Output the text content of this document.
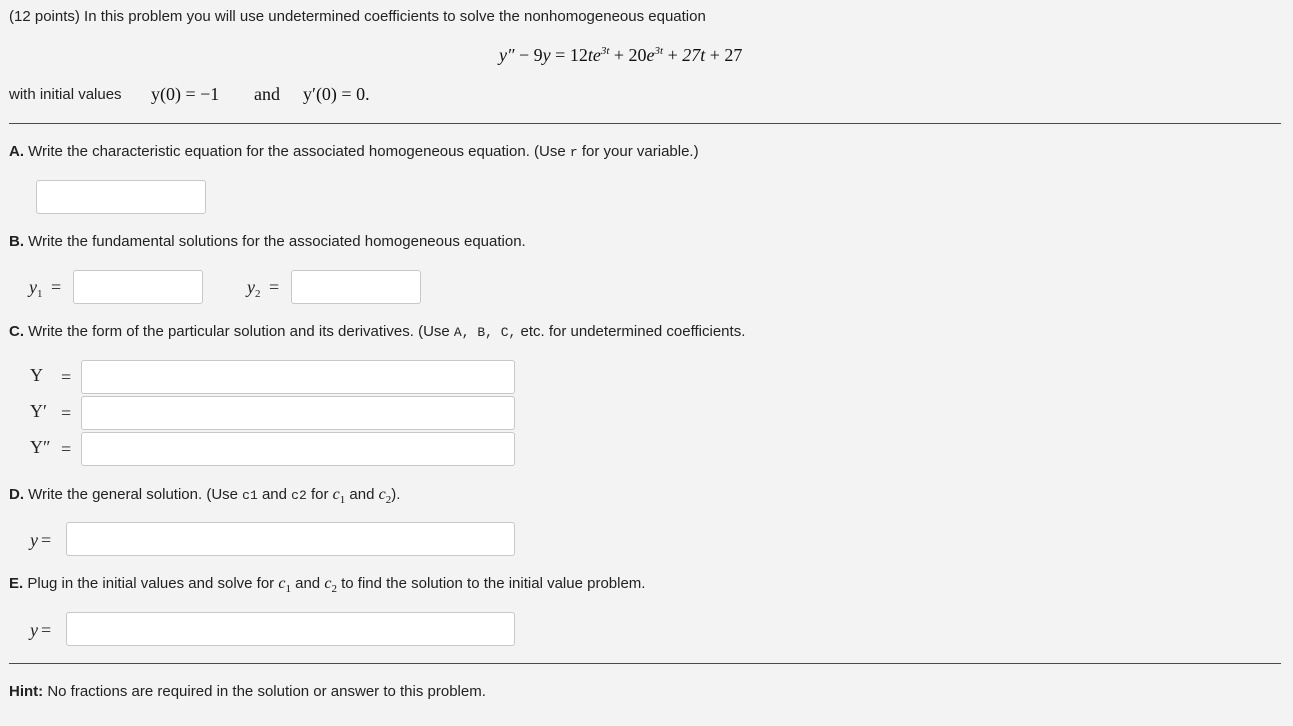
(12 points) In this problem you will use undetermined coefficients to solve the nonhomogeneous equation
$y'' - 9y = 12te^{3t} + 20e^{3t} + 27t + 27$
with initial values y(0) = −1 and y′(0) = 0.
A. Write the characteristic equation for the associated homogeneous equation. (Use r for your variable.)
B. Write the fundamental solutions for the associated homogeneous equation.
$y_1$ =	$y_2$ =
C. Write the form of the particular solution and its derivatives. (Use A, B, C, etc. for undetermined coefficients.
Y =
Y′ =
Y″ =
D. Write the general solution. (Use c1 and c2 for $c_1$ and $c_2$).
y =
E. Plug in the initial values and solve for $c_1$ and $c_2$ to find the solution to the initial value problem.
y =
Hint: No fractions are required in the solution or answer to this problem.
